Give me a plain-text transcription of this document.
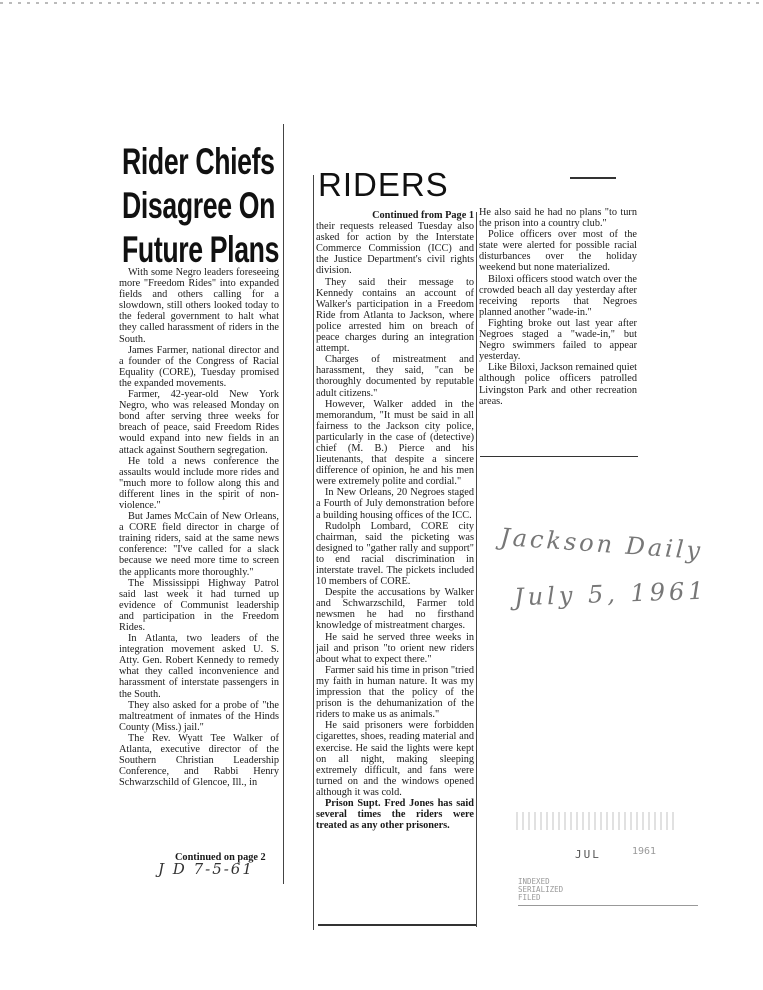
Rider Chiefs
Disagree On
Future Plans
RIDERS

With some Negro leaders foreseeing more "Freedom Rides" into expanded fields and others calling for a slowdown, still others looked today to the federal government to halt what they called harassment of riders in the South.

James Farmer, national director and a founder of the Congress of Racial Equality (CORE), Tuesday promised the expanded movements.

Farmer, 42-year-old New York Negro, who was released Monday on bond after serving three weeks for breach of peace, said Freedom Rides would expand into new fields in an attack against Southern segregation.

He told a news conference the assaults would include more rides and "much more to follow along this and different lines in the spirit of non-violence."

But James McCain of New Orleans, a CORE field director in charge of training riders, said at the same news conference: "I've called for a slack because we need more time to screen the applicants more thoroughly."

The Mississippi Highway Patrol said last week it had turned up evidence of Communist leadership and participation in the Freedom Rides.

In Atlanta, two leaders of the integration movement asked U. S. Atty. Gen. Robert Kennedy to remedy what they called inconvenience and harassment of interstate passengers in the South.

They also asked for a probe of "the maltreatment of inmates of the Hinds County (Miss.) jail."

The Rev. Wyatt Tee Walker of Atlanta, executive director of the Southern Christian Leadership Conference, and Rabbi Henry Schwarzschild of Glencoe, Ill., in

Continued on page 2
J D 7-5-61

Continued from Page 1

their requests released Tuesday also asked for action by the Interstate Commerce Commission (ICC) and the Justice Department's civil rights division.

They said their message to Kennedy contains an account of Walker's participation in a Freedom Ride from Atlanta to Jackson, where police arrested him on breach of peace charges during an integration attempt.

Charges of mistreatment and harassment, they said, "can be thoroughly documented by reputable adult citizens."

However, Walker added in the memorandum, "It must be said in all fairness to the Jackson city police, particularly in the case of (detective) chief (M. B.) Pierce and his lieutenants, that despite a sincere difference of opinion, he and his men were extremely polite and cordial."

In New Orleans, 20 Negroes staged a Fourth of July demonstration before a building housing offices of the ICC.

Rudolph Lombard, CORE city chairman, said the picketing was designed to "gather rally and support" to end racial discrimination in interstate travel. The pickets included 10 members of CORE.

Despite the accusations by Walker and Schwarzschild, Farmer told newsmen he had no firsthand knowledge of mistreatment charges.

He said he served three weeks in jail and prison "to orient new riders about what to expect there."

Farmer said his time in prison "tried my faith in human nature. It was my impression that the policy of the prison is the dehumanization of the riders to make us as animals."

He said prisoners were forbidden cigarettes, shoes, reading material and exercise. He said the lights were kept on all night, making sleeping extremely difficult, and fans were turned on and the windows opened although it was cold.

Prison Supt. Fred Jones has said several times the riders were treated as any other prisoners.

He also said he had no plans "to turn the prison into a country club."

Police officers over most of the state were alerted for possible racial disturbances over the holiday weekend but none materialized.

Biloxi officers stood watch over the crowded beach all day yesterday after receiving reports that Negroes planned another "wade-in."

Fighting broke out last year after Negroes staged a "wade-in," but Negro swimmers failed to appear yesterday.

Like Biloxi, Jackson remained quiet although police officers patrolled Livingston Park and other recreation areas.

Jackson Daily
July 5, 1961
JUL	1961
INDEXED
SERIALIZED
FILED
